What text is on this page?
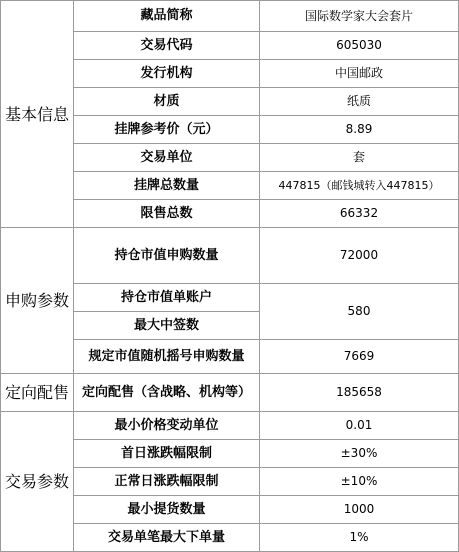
基本信息	藏品简称	国际数学家大会套片
	交易代码	605030
	发行机构	中国邮政
	材质	纸质
	挂牌参考价（元）	8.89
	交易单位	套
	挂牌总数量	447815（邮钱城转入447815）
	限售总数	66332
申购参数	持仓市值申购数量	72000
	持仓市值单账户	580
	最大中签数	
	规定市值随机摇号申购数量	7669
定向配售	定向配售（含战略、机构等）	185658
交易参数	最小价格变动单位	0.01
	首日涨跌幅限制	±30%
	正常日涨跌幅限制	±10%
	最小提货数量	1000
	交易单笔最大下单量	1%
